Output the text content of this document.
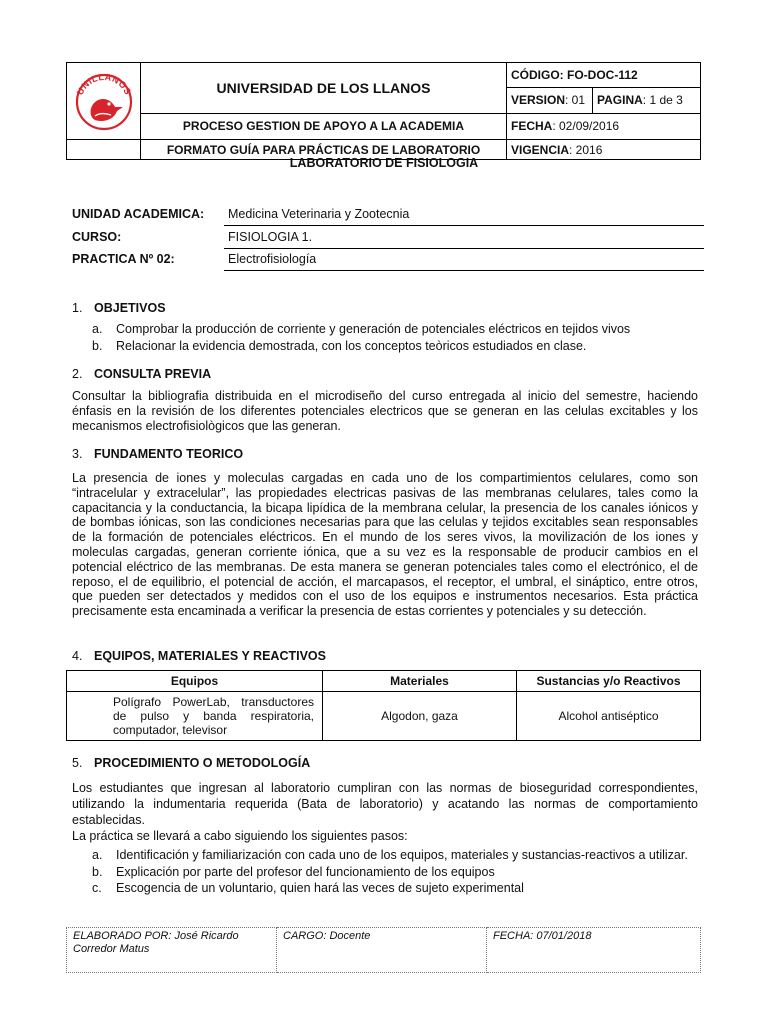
UNILLANOS	UNIVERSIDAD DE LOS LLANOS	CÓDIGO: FO-DOC-112	
		VERSION: 01	PAGINA: 1 de 3
	PROCESO GESTION DE APOYO A LA ACADEMIA	FECHA: 02/09/2016	
	FORMATO GUÍA PARA PRÁCTICAS DE LABORATORIO	VIGENCIA: 2016	
LABORATORIO DE FISIOLOGIA
UNIDAD ACADEMICA:	Medicina Veterinaria y Zootecnia
CURSO:	FISIOLOGIA 1.
PRACTICA Nº 02:	Electrofisiología
1. OBJETIVOS
a. Comprobar la producción de corriente y generación de potenciales eléctricos en tejidos vivos
b. Relacionar la evidencia demostrada, con los conceptos teòricos estudiados en clase.
2. CONSULTA PREVIA
Consultar la bibliografia distribuida en el microdiseño del curso entregada al inicio del semestre, haciendo énfasis en la revisión de los diferentes potenciales electricos que se generan en las celulas excitables y los mecanismos electrofisiològicos que las generan.
3. FUNDAMENTO TEORICO
La presencia de iones y moleculas cargadas en cada uno de los compartimientos celulares, como son “intracelular y extracelular”, las propiedades electricas pasivas de las membranas celulares, tales como la capacitancia y la conductancia, la bicapa lipídica de la membrana celular, la presencia de los canales iónicos y de bombas iónicas, son las condiciones necesarias para que las celulas y tejidos excitables sean responsables de la formación de potenciales eléctricos. En el mundo de los seres vivos, la movilización de los iones y moleculas cargadas, generan corriente iónica, que a su vez es la responsable de producir cambios en el potencial eléctrico de las membranas. De esta manera se generan potenciales tales como el electrónico, el de reposo, el de equilibrio, el potencial de acción, el marcapasos, el receptor, el umbral, el sináptico, entre otros, que pueden ser detectados y medidos con el uso de los equipos e instrumentos necesarios. Esta práctica precisamente esta encaminada a verificar la presencia de estas corrientes y potenciales y su detección.
4. EQUIPOS, MATERIALES Y REACTIVOS
Equipos	Materiales	Sustancias y/o Reactivos
Polígrafo PowerLab, transductores de pulso y banda respiratoria, computador, televisor	Algodon, gaza	Alcohol antiséptico
5. PROCEDIMIENTO O METODOLOGÍA
Los estudiantes que ingresan al laboratorio cumpliran con las normas de bioseguridad correspondientes, utilizando la indumentaria requerida (Bata de laboratorio) y acatando las normas de comportamiento establecidas.
La práctica se llevará a cabo siguiendo los siguientes pasos:
a. Identificación y familiarización con cada uno de los equipos, materiales y sustancias-reactivos a utilizar.
b. Explicación por parte del profesor del funcionamiento de los equipos
c. Escogencia de un voluntario, quien hará las veces de sujeto experimental
ELABORADO POR: José Ricardo Corredor Matus	CARGO: Docente	FECHA: 07/01/2018
